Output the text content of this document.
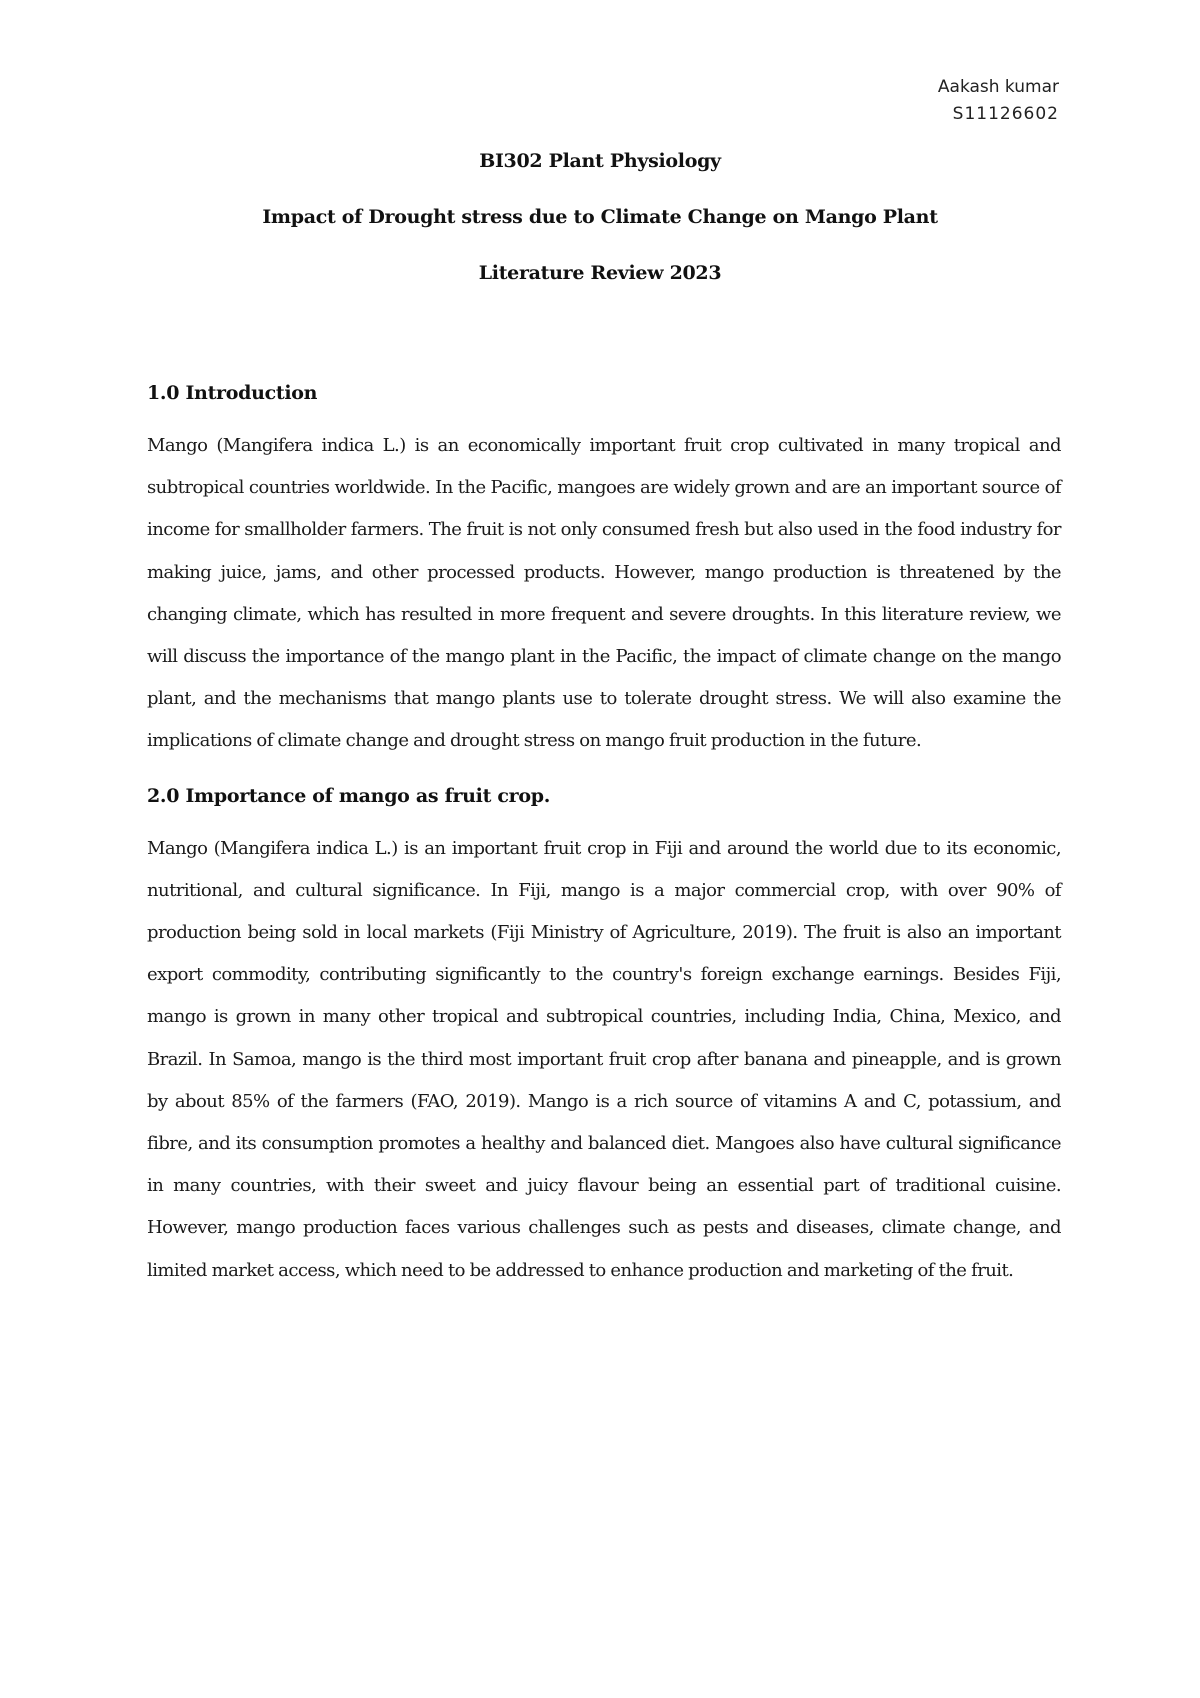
Aakash kumar
S11126602
BI302 Plant Physiology
Impact of Drought stress due to Climate Change on Mango Plant
Literature Review 2023
1.0 Introduction

Mango (Mangifera indica L.) is an economically important fruit crop cultivated in many tropical and subtropical countries worldwide. In the Pacific, mangoes are widely grown and are an important source of income for smallholder farmers. The fruit is not only consumed fresh but also used in the food industry for making juice, jams, and other processed products. However, mango production is threatened by the changing climate, which has resulted in more frequent and severe droughts. In this literature review, we will discuss the importance of the mango plant in the Pacific, the impact of climate change on the mango plant, and the mechanisms that mango plants use to tolerate drought stress. We will also examine the implications of climate change and drought stress on mango fruit production in the future.

2.0 Importance of mango as fruit crop.

Mango (Mangifera indica L.) is an important fruit crop in Fiji and around the world due to its economic, nutritional, and cultural significance. In Fiji, mango is a major commercial crop, with over 90% of production being sold in local markets (Fiji Ministry of Agriculture, 2019). The fruit is also an important export commodity, contributing significantly to the country's foreign exchange earnings. Besides Fiji, mango is grown in many other tropical and subtropical countries, including India, China, Mexico, and Brazil. In Samoa, mango is the third most important fruit crop after banana and pineapple, and is grown by about 85% of the farmers (FAO, 2019). Mango is a rich source of vitamins A and C, potassium, and fibre, and its consumption promotes a healthy and balanced diet. Mangoes also have cultural significance in many countries, with their sweet and juicy flavour being an essential part of traditional cuisine. However, mango production faces various challenges such as pests and diseases, climate change, and limited market access, which need to be addressed to enhance production and marketing of the fruit.
